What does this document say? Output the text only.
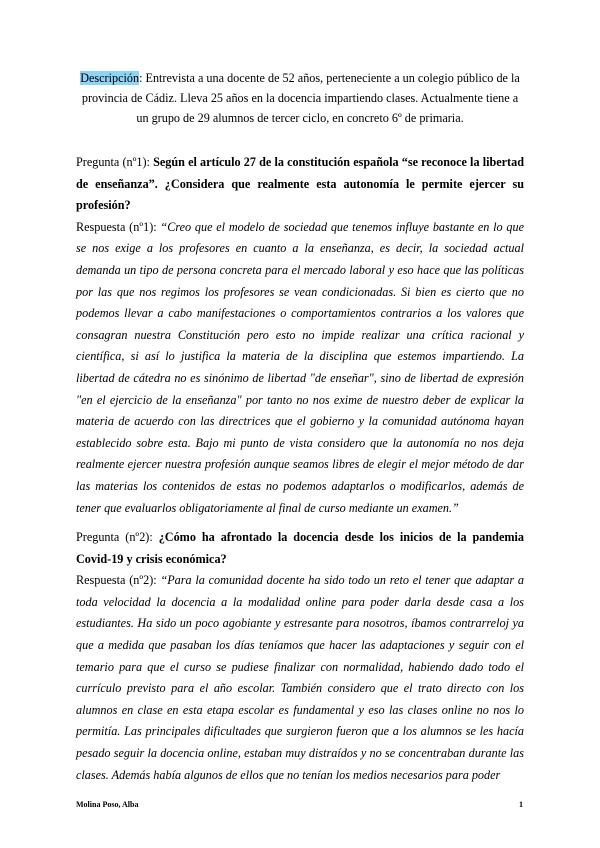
Descripción: Entrevista a una docente de 52 años, perteneciente a un colegio público de la provincia de Cádiz. Lleva 25 años en la docencia impartiendo clases. Actualmente tiene a un grupo de 29 alumnos de tercer ciclo, en concreto 6º de primaria.
Pregunta (nº1): Según el artículo 27 de la constitución española “se reconoce la libertad de enseñanza”. ¿Considera que realmente esta autonomía le permite ejercer su profesión?
Respuesta (nº1): “Creo que el modelo de sociedad que tenemos influye bastante en lo que se nos exige a los profesores en cuanto a la enseñanza, es decir, la sociedad actual demanda un tipo de persona concreta para el mercado laboral y eso hace que las políticas por las que nos regimos los profesores se vean condicionadas. Si bien es cierto que no podemos llevar a cabo manifestaciones o comportamientos contrarios a los valores que consagran nuestra Constitución pero esto no impide realizar una crítica racional y científica, si así lo justifica la materia de la disciplina que estemos impartiendo. La libertad de cátedra no es sinónimo de libertad "de enseñar", sino de libertad de expresión "en el ejercicio de la enseñanza" por tanto no nos exime de nuestro deber de explicar la materia de acuerdo con las directrices que el gobierno y la comunidad autónoma hayan establecido sobre esta. Bajo mi punto de vista considero que la autonomía no nos deja realmente ejercer nuestra profesión aunque seamos libres de elegir el mejor método de dar las materias los contenidos de estas no podemos adaptarlos o modificarlos, además de tener que evaluarlos obligatoriamente al final de curso mediante un examen.”
Pregunta (nº2): ¿Cómo ha afrontado la docencia desde los inicios de la pandemia Covid-19 y crisis económica?
Respuesta (nº2): “Para la comunidad docente ha sido todo un reto el tener que adaptar a toda velocidad la docencia a la modalidad online para poder darla desde casa a los estudiantes. Ha sido un poco agobiante y estresante para nosotros, íbamos contrarreloj ya que a medida que pasaban los días teníamos que hacer las adaptaciones y seguir con el temario para que el curso se pudiese finalizar con normalidad, habiendo dado todo el currículo previsto para el año escolar. También considero que el trato directo con los alumnos en clase en esta etapa escolar es fundamental y eso las clases online no nos lo permitía. Las principales dificultades que surgieron fueron que a los alumnos se les hacía pesado seguir la docencia online, estaban muy distraídos y no se concentraban durante las clases. Además había algunos de ellos que no tenían los medios necesarios para poder
Molina Poso, Alba	1
